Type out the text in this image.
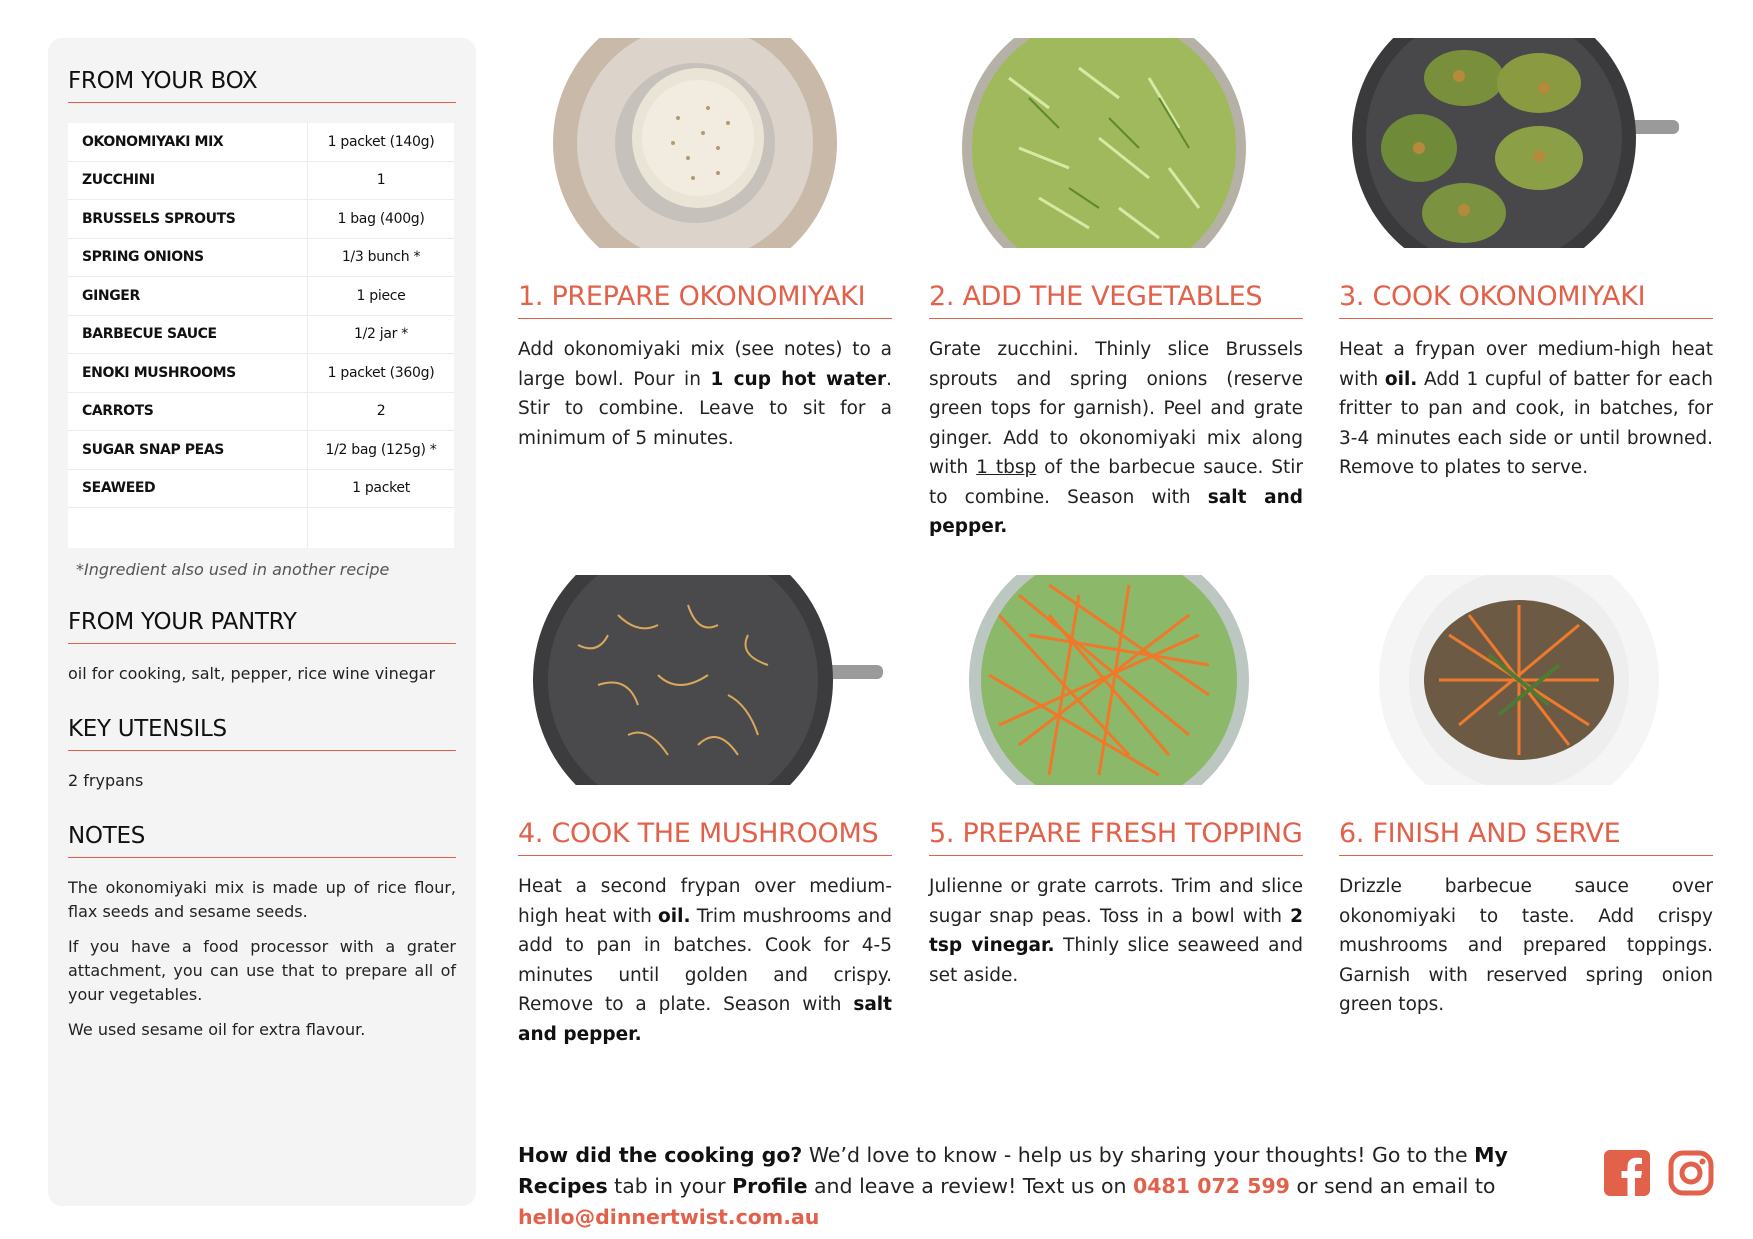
FROM YOUR BOX
OKONOMIYAKI MIX	1 packet (140g)
ZUCCHINI	1
BRUSSELS SPROUTS	1 bag (400g)
SPRING ONIONS	1/3 bunch *
GINGER	1 piece
BARBECUE SAUCE	1/2 jar *
ENOKI MUSHROOMS	1 packet (360g)
CARROTS	2
SUGAR SNAP PEAS	1/2 bag (125g) *
SEAWEED	1 packet
*Ingredient also used in another recipe
FROM YOUR PANTRY
oil for cooking, salt, pepper, rice wine vinegar
KEY UTENSILS
2 frypans
NOTES

The okonomiyaki mix is made up of rice flour, flax seeds and sesame seeds.

If you have a food processor with a grater attachment, you can use that to prepare all of your vegetables.

We used sesame oil for extra flavour.

1. PREPARE OKONOMIYAKI
Add okonomiyaki mix (see notes) to a large bowl. Pour in 1 cup hot water. Stir to combine. Leave to sit for a minimum of 5 minutes.
2. ADD THE VEGETABLES
Grate zucchini. Thinly slice Brussels sprouts and spring onions (reserve green tops for garnish). Peel and grate ginger. Add to okonomiyaki mix along with 1 tbsp of the barbecue sauce. Stir to combine. Season with salt and pepper.
3. COOK OKONOMIYAKI
Heat a frypan over medium-high heat with oil. Add 1 cupful of batter for each fritter to pan and cook, in batches, for 3-4 minutes each side or until browned. Remove to plates to serve.
4. COOK THE MUSHROOMS
Heat a second frypan over medium-high heat with oil. Trim mushrooms and add to pan in batches. Cook for 4-5 minutes until golden and crispy. Remove to a plate. Season with salt and pepper.
5. PREPARE FRESH TOPPING
Julienne or grate carrots. Trim and slice sugar snap peas. Toss in a bowl with 2 tsp vinegar. Thinly slice seaweed and set aside.
6. FINISH AND SERVE
Drizzle barbecue sauce over okonomiyaki to taste. Add crispy mushrooms and prepared toppings. Garnish with reserved spring onion green tops.
How did the cooking go? We’d love to know - help us by sharing your thoughts! Go to the My Recipes tab in your Profile and leave a review! Text us on 0481 072 599 or send an email to hello@dinnertwist.com.au
